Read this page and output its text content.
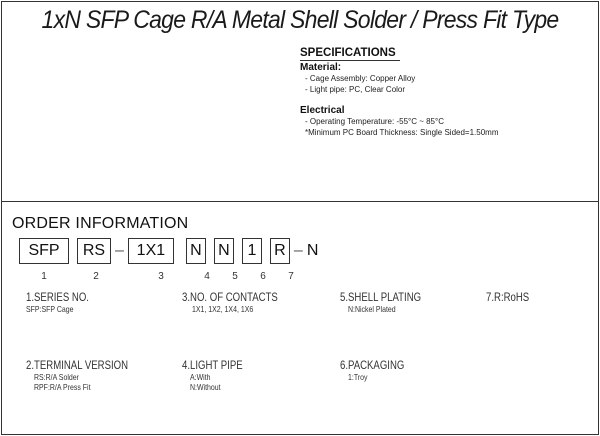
1xN SFP Cage R/A Metal Shell Solder / Press Fit Type
SPECIFICATIONS
Material:
- Cage Assembly: Copper Alloy
- Light pipe: PC, Clear Color
Electrical
- Operating Temperature: -55°C ~ 85°C
*Minimum PC Board Thickness: Single Sided=1.50mm
ORDER INFORMATION
SFP	RS – 1X1	N N	1	R – N
1	2	3	4	5	6	7
1.SERIES NO.
SFP:SFP Cage
3.NO. OF CONTACTS
1X1, 1X2, 1X4, 1X6
5.SHELL PLATING
N:Nickel Plated
7.R:RoHS
2.TERMINAL VERSION
RS:R/A Solder
RPF:R/A Press Fit
4.LIGHT PIPE
A:With
N:Without
6.PACKAGING
1:Troy
